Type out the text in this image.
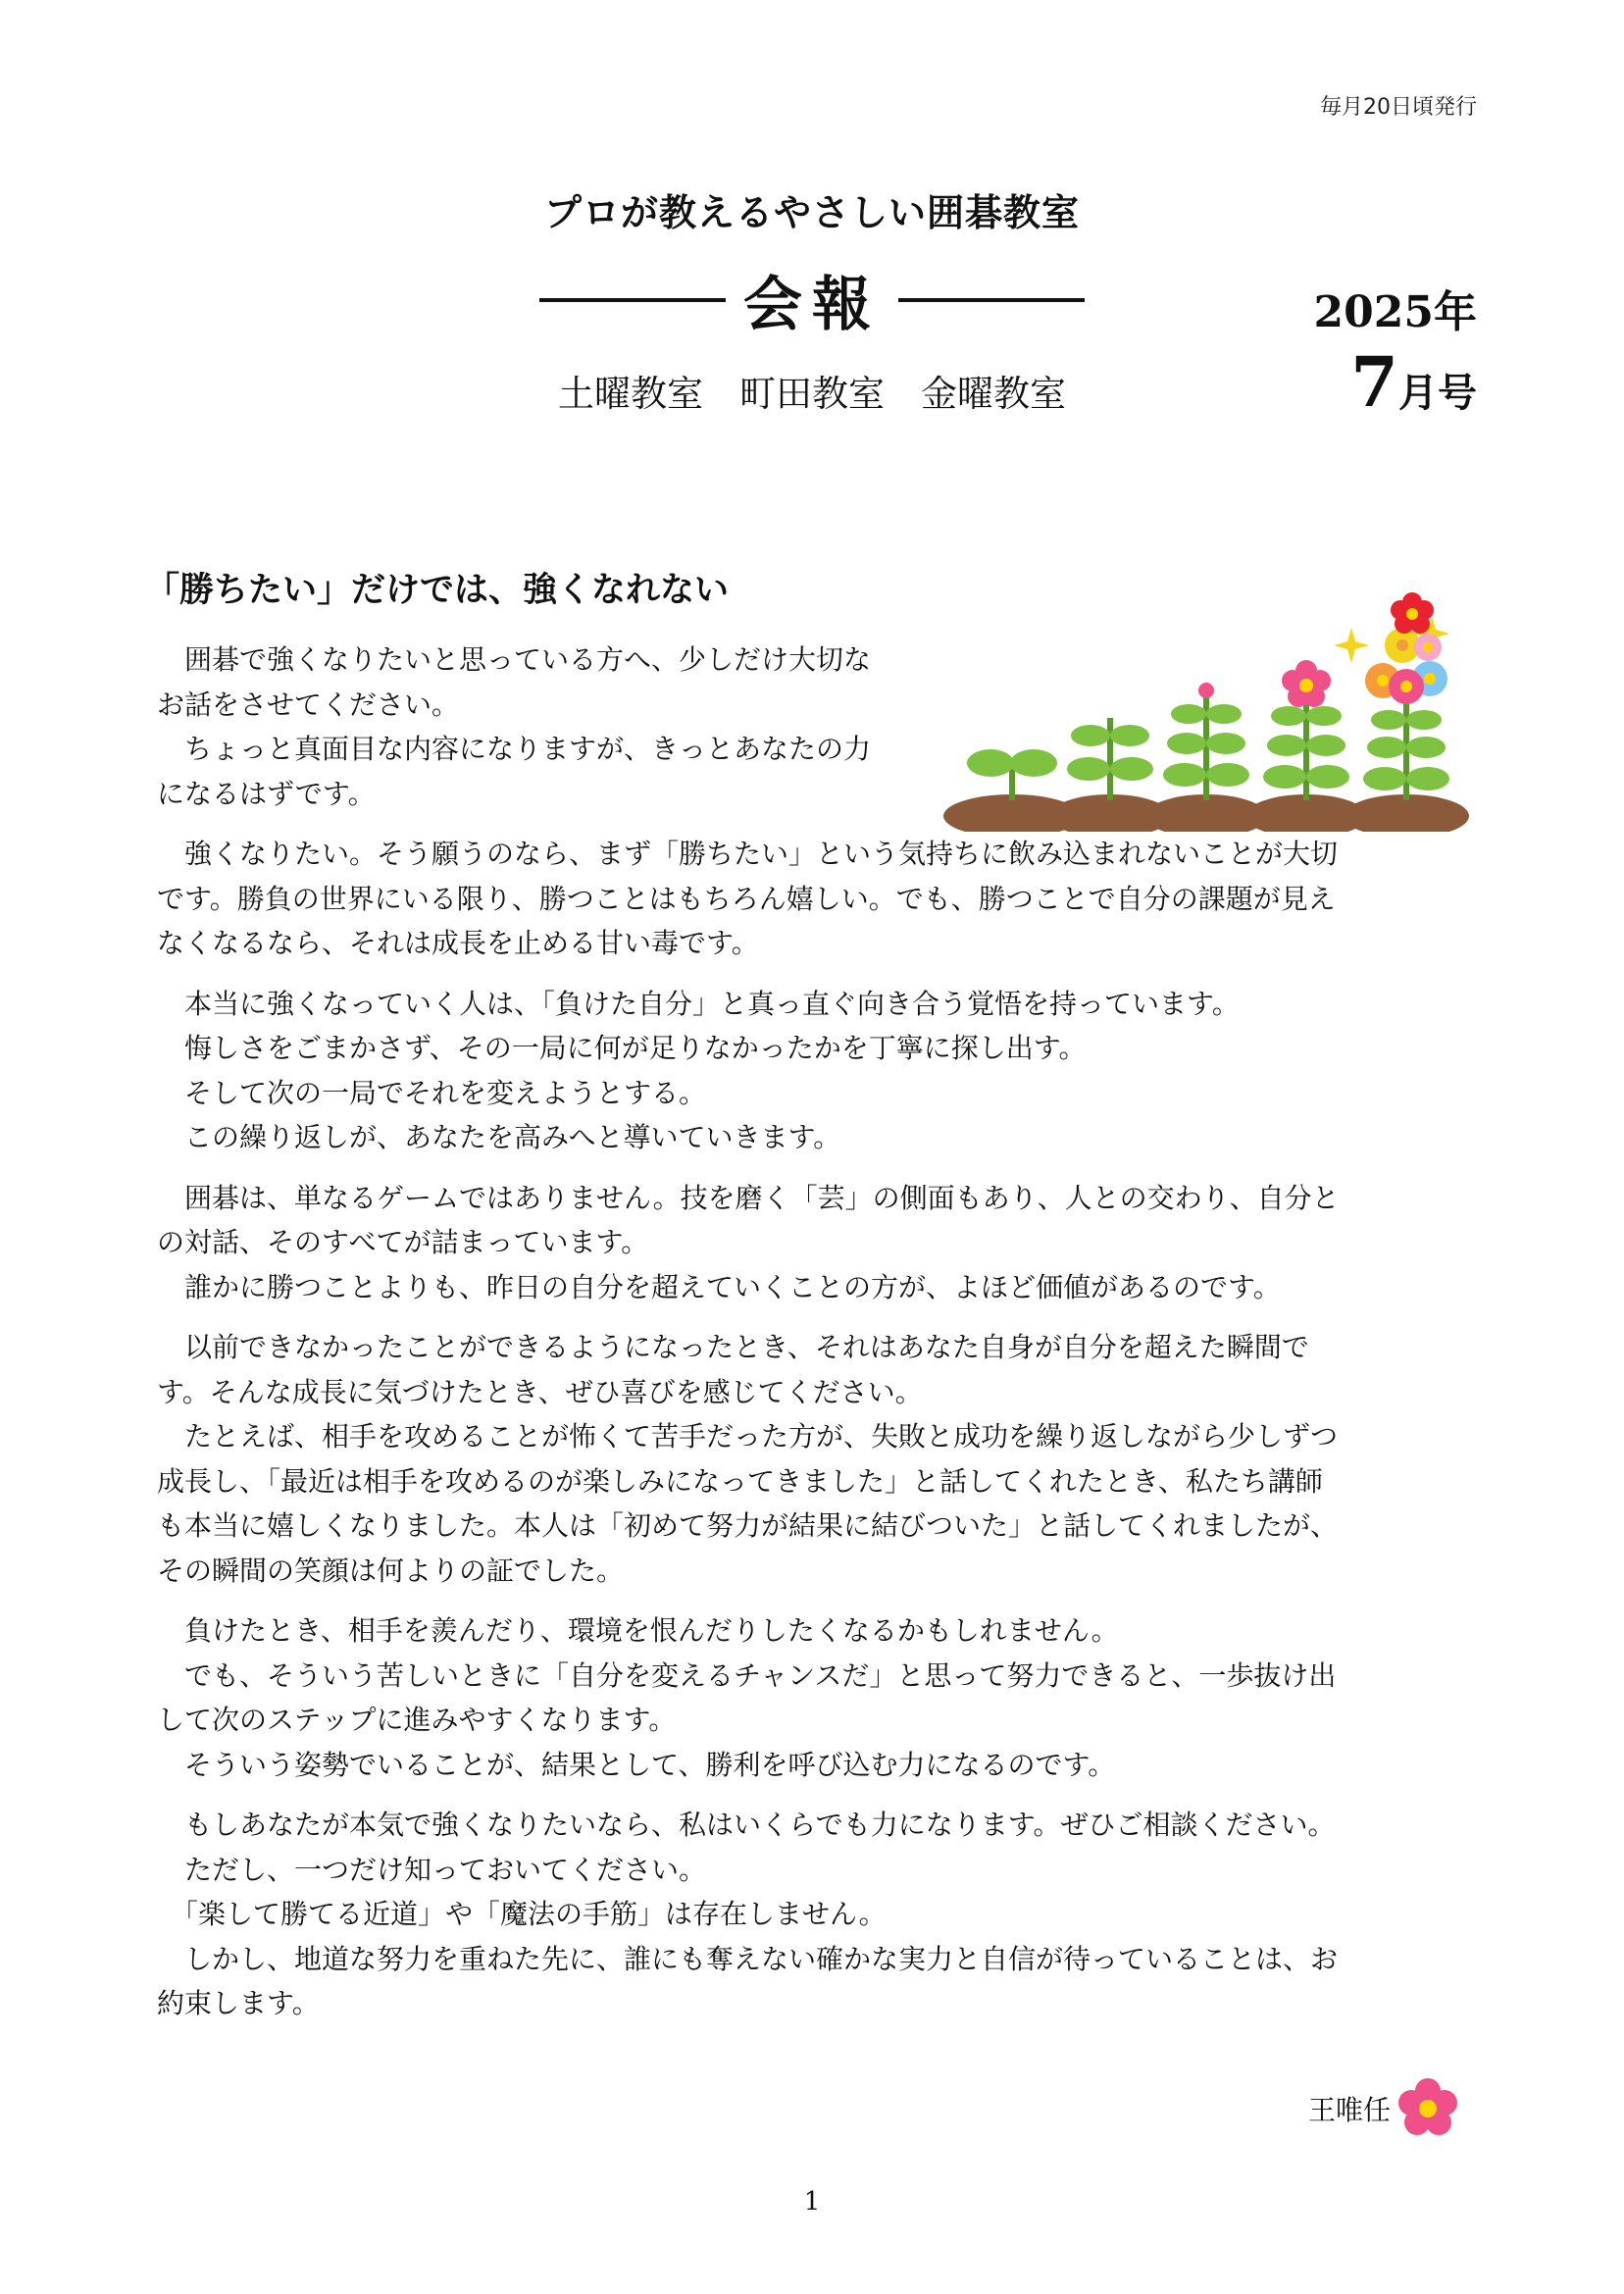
毎月20日頃発行
プロが教えるやさしい囲碁教室
会報
土曜教室　町田教室　金曜教室
2025年
7月号
「勝ちたい」だけでは、強くなれない

　囲碁で強くなりたいと思っている方へ、少しだけ大切な
お話をさせてください。
　ちょっと真面目な内容になりますが、きっとあなたの力
になるはずです。

　強くなりたい。そう願うのなら、まず「勝ちたい」という気持ちに飲み込まれないことが大切
です。勝負の世界にいる限り、勝つことはもちろん嬉しい。でも、勝つことで自分の課題が見え
なくなるなら、それは成長を止める甘い毒です。

　本当に強くなっていく人は、「負けた自分」と真っ直ぐ向き合う覚悟を持っています。
　悔しさをごまかさず、その一局に何が足りなかったかを丁寧に探し出す。
　そして次の一局でそれを変えようとする。
　この繰り返しが、あなたを高みへと導いていきます。

　囲碁は、単なるゲームではありません。技を磨く「芸」の側面もあり、人との交わり、自分と
の対話、そのすべてが詰まっています。
　誰かに勝つことよりも、昨日の自分を超えていくことの方が、よほど価値があるのです。

　以前できなかったことができるようになったとき、それはあなた自身が自分を超えた瞬間で
す。そんな成長に気づけたとき、ぜひ喜びを感じてください。
　たとえば、相手を攻めることが怖くて苦手だった方が、失敗と成功を繰り返しながら少しずつ
成長し、「最近は相手を攻めるのが楽しみになってきました」と話してくれたとき、私たち講師
も本当に嬉しくなりました。本人は「初めて努力が結果に結びついた」と話してくれましたが、
その瞬間の笑顔は何よりの証でした。

　負けたとき、相手を羨んだり、環境を恨んだりしたくなるかもしれません。
　でも、そういう苦しいときに「自分を変えるチャンスだ」と思って努力できると、一歩抜け出
して次のステップに進みやすくなります。
　そういう姿勢でいることが、結果として、勝利を呼び込む力になるのです。

　もしあなたが本気で強くなりたいなら、私はいくらでも力になります。ぜひご相談ください。
　ただし、一つだけ知っておいてください。
　「楽して勝てる近道」や「魔法の手筋」は存在しません。
　しかし、地道な努力を重ねた先に、誰にも奪えない確かな実力と自信が待っていることは、お
約束します。

王唯任
1
